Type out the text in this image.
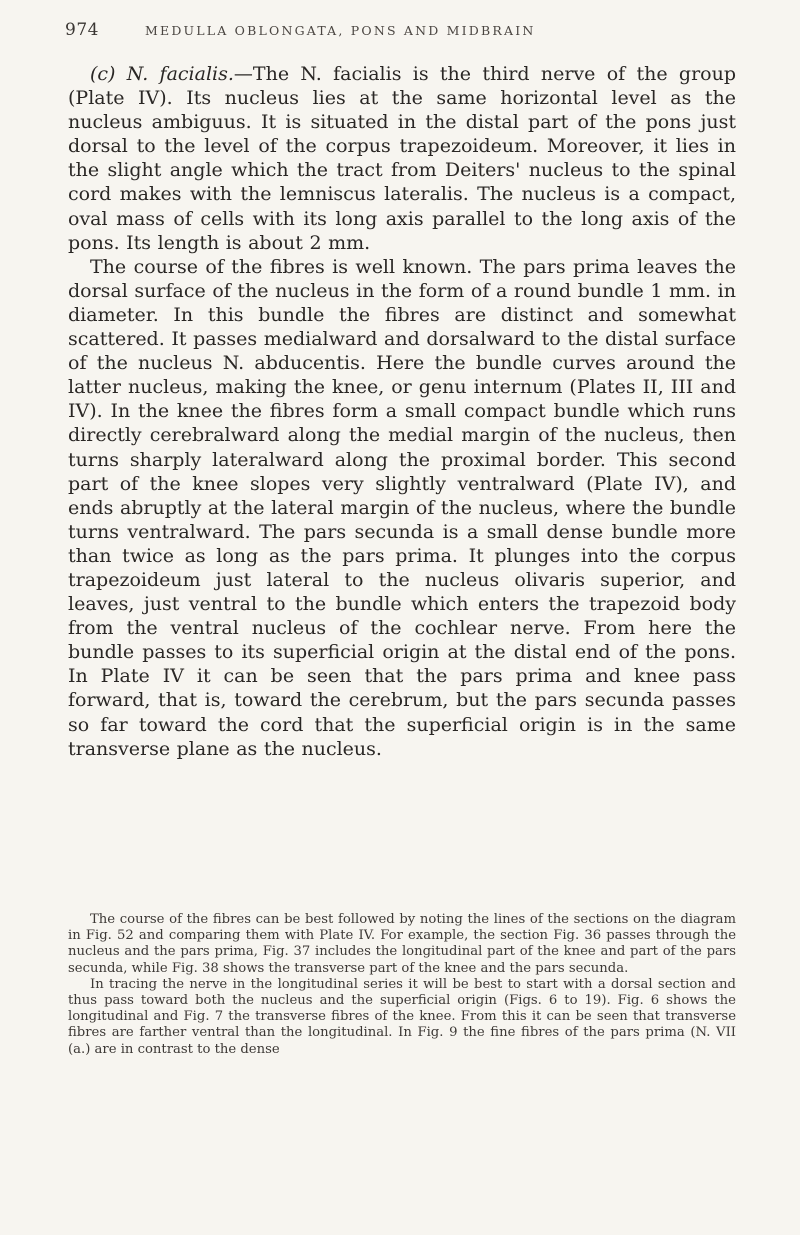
974	MEDULLA OBLONGATA, PONS AND MIDBRAIN

(c) N. facialis.—The N. facialis is the third nerve of the group (Plate IV). Its nucleus lies at the same horizontal level as the nucleus ambiguus. It is situated in the distal part of the pons just dorsal to the level of the corpus trapezoideum. Moreover, it lies in the slight angle which the tract from Deiters' nucleus to the spinal cord makes with the lemniscus lateralis. The nucleus is a compact, oval mass of cells with its long axis parallel to the long axis of the pons. Its length is about 2 mm.

The course of the fibres is well known. The pars prima leaves the dorsal surface of the nucleus in the form of a round bundle 1 mm. in diameter. In this bundle the fibres are distinct and somewhat scattered. It passes medialward and dorsalward to the distal surface of the nucleus N. abducentis. Here the bundle curves around the latter nucleus, making the knee, or genu internum (Plates II, III and IV). In the knee the fibres form a small compact bundle which runs directly cerebralward along the medial margin of the nucleus, then turns sharply lateralward along the proximal border. This second part of the knee slopes very slightly ventralward (Plate IV), and ends abruptly at the lateral margin of the nucleus, where the bundle turns ventralward. The pars secunda is a small dense bundle more than twice as long as the pars prima. It plunges into the corpus trapezoideum just lateral to the nucleus olivaris superior, and leaves, just ventral to the bundle which enters the trapezoid body from the ventral nucleus of the cochlear nerve. From here the bundle passes to its superficial origin at the distal end of the pons. In Plate IV it can be seen that the pars prima and knee pass forward, that is, toward the cerebrum, but the pars secunda passes so far toward the cord that the superficial origin is in the same transverse plane as the nucleus.

The course of the fibres can be best followed by noting the lines of the sections on the diagram in Fig. 52 and comparing them with Plate IV. For example, the section Fig. 36 passes through the nucleus and the pars prima, Fig. 37 includes the longitudinal part of the knee and part of the pars secunda, while Fig. 38 shows the transverse part of the knee and the pars secunda.

In tracing the nerve in the longitudinal series it will be best to start with a dorsal section and thus pass toward both the nucleus and the superficial origin (Figs. 6 to 19). Fig. 6 shows the longitudinal and Fig. 7 the transverse fibres of the knee. From this it can be seen that transverse fibres are farther ventral than the longitudinal. In Fig. 9 the fine fibres of the pars prima (N. VII (a.) are in contrast to the dense
